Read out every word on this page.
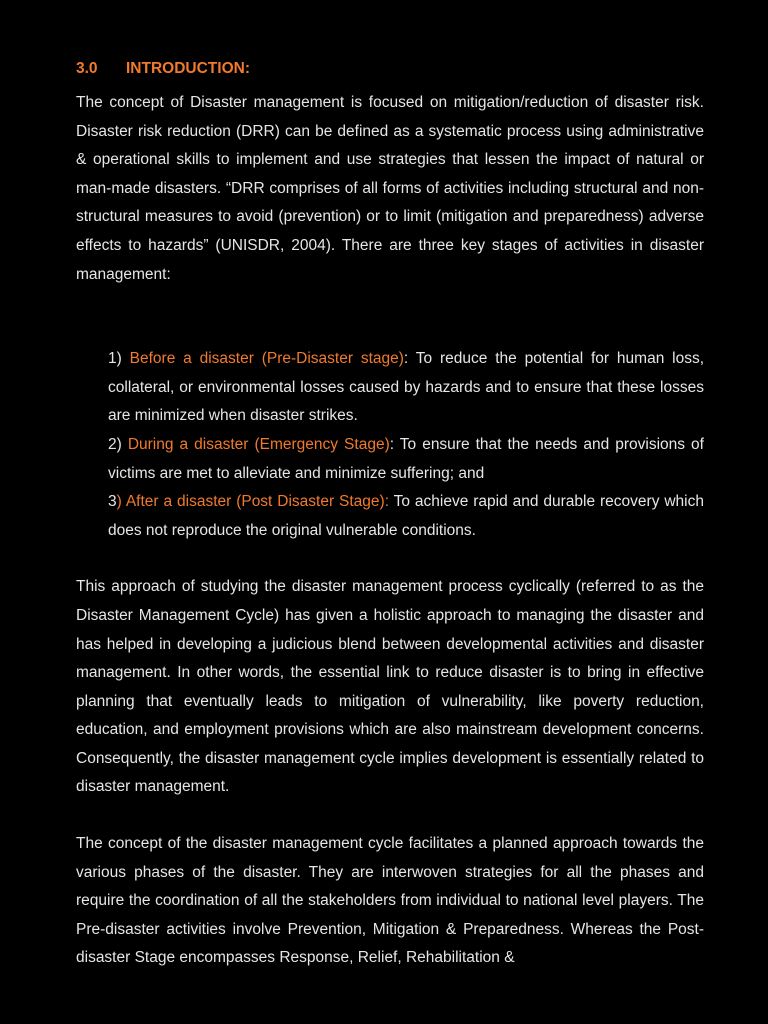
3.0 INTRODUCTION:

The concept of Disaster management is focused on mitigation/reduction of disaster risk. Disaster risk reduction (DRR) can be defined as a systematic process using administrative & operational skills to implement and use strategies that lessen the impact of natural or man-made disasters. “DRR comprises of all forms of activities including structural and non-structural measures to avoid (prevention) or to limit (mitigation and preparedness) adverse effects to hazards” (UNISDR, 2004). There are three key stages of activities in disaster management:

1) Before a disaster (Pre-Disaster stage): To reduce the potential for human loss, collateral, or environmental losses caused by hazards and to ensure that these losses are minimized when disaster strikes.

2) During a disaster (Emergency Stage): To ensure that the needs and provisions of victims are met to alleviate and minimize suffering; and

3) After a disaster (Post Disaster Stage): To achieve rapid and durable recovery which does not reproduce the original vulnerable conditions.

This approach of studying the disaster management process cyclically (referred to as the Disaster Management Cycle) has given a holistic approach to managing the disaster and has helped in developing a judicious blend between developmental activities and disaster management. In other words, the essential link to reduce disaster is to bring in effective planning that eventually leads to mitigation of vulnerability, like poverty reduction, education, and employment provisions which are also mainstream development concerns. Consequently, the disaster management cycle implies development is essentially related to disaster management.

The concept of the disaster management cycle facilitates a planned approach towards the various phases of the disaster. They are interwoven strategies for all the phases and require the coordination of all the stakeholders from individual to national level players. The Pre-disaster activities involve Prevention, Mitigation & Preparedness. Whereas the Post-disaster Stage encompasses Response, Relief, Rehabilitation &
